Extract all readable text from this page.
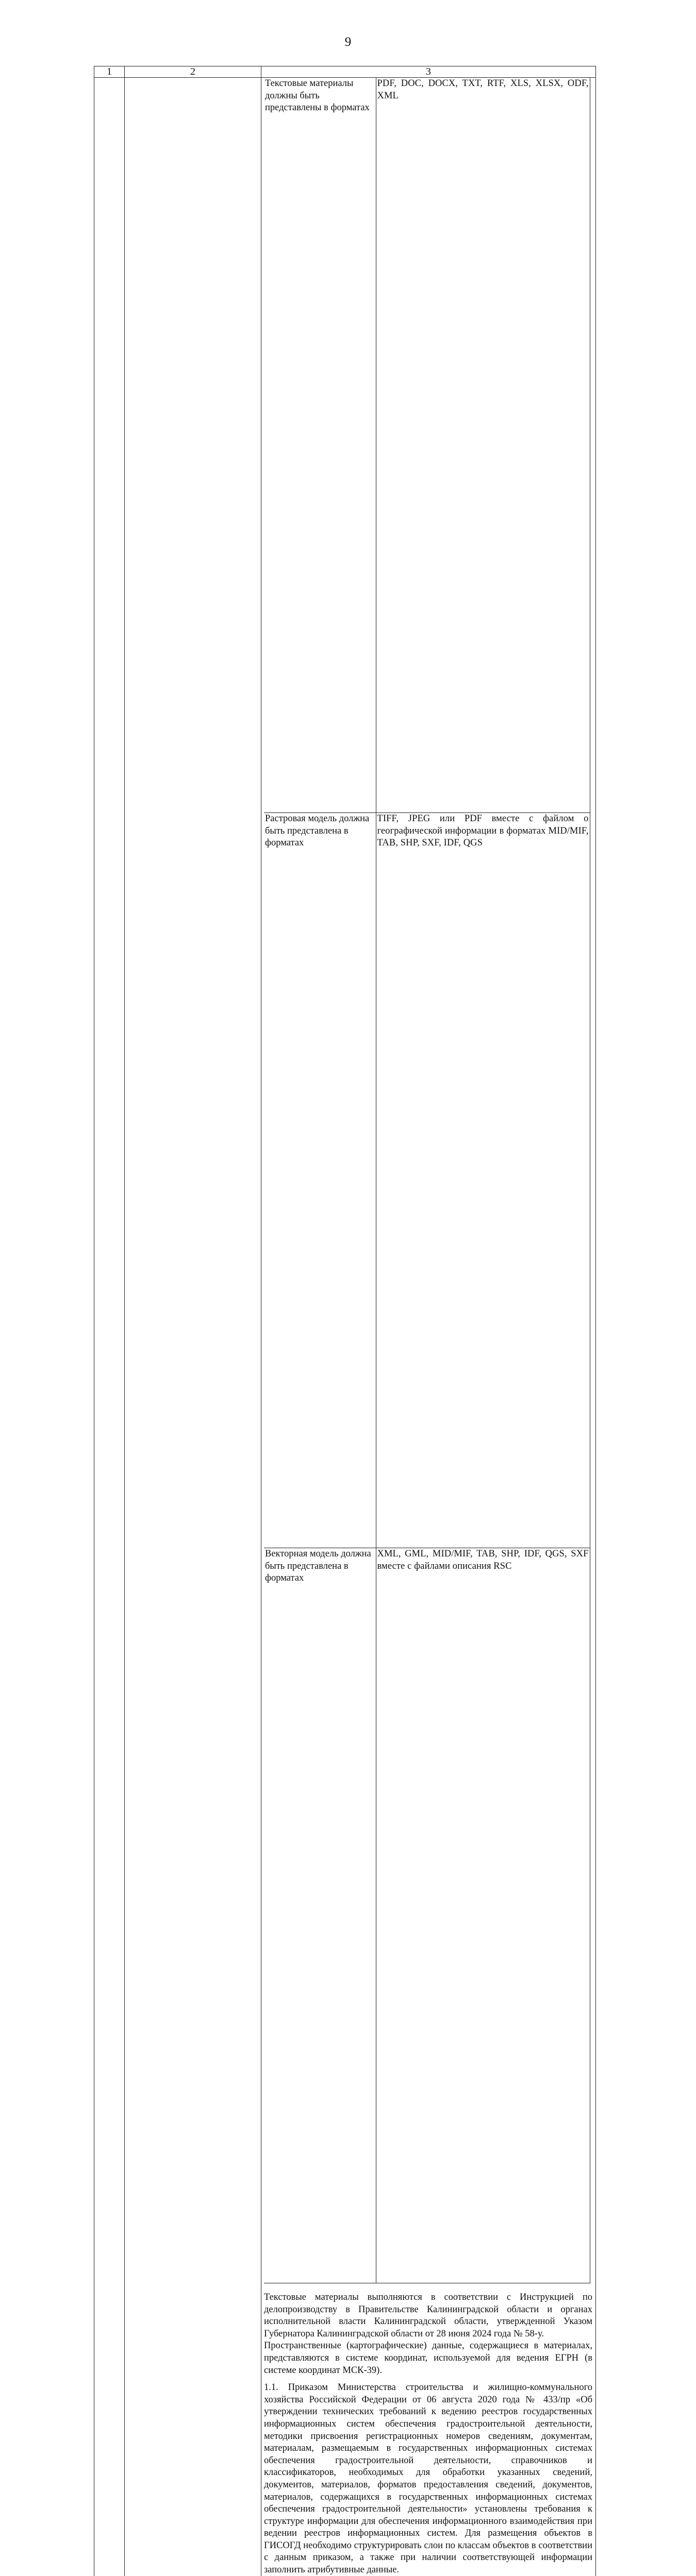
9
1	2	3

Текстовые материалы должны быть представлены в форматах	PDF, DOC, DOCX, TXT, RTF, XLS, XLSX, ODF, XML
Растровая модель должна быть представлена в форматах	TIFF, JPEG или PDF вместе с файлом о географической информации в форматах MID/MIF, TAB, SHP, SXF, IDF, QGS
Векторная модель должна быть представлена в форматах	XML, GML, MID/MIF, TAB, SHP, IDF, QGS, SXF вместе с файлами описания RSC

Текстовые материалы выполняются в соответствии с Инструкцией по делопроизводству в Правительстве Калининградской области и органах исполнительной власти Калининградской области, утвержденной Указом Губернатора Калининградской области от 28 июня 2024 года № 58-у.

Пространственные (картографические) данные, содержащиеся в материалах, представляются в системе координат, используемой для ведения ЕГРН (в системе координат МСК-39).

1.1. Приказом Министерства строительства и жилищно-коммунального хозяйства Российской Федерации от 06 августа 2020 года № 433/пр «Об утверждении технических требований к ведению реестров государственных информационных систем обеспечения градостроительной деятельности, методики присвоения регистрационных номеров сведениям, документам, материалам, размещаемым в государственных информационных системах обеспечения градостроительной деятельности, справочников и классификаторов, необходимых для обработки указанных сведений, документов, материалов, форматов предоставления сведений, документов, материалов, содержащихся в государственных информационных системах обеспечения градостроительной деятельности» установлены требования к структуре информации для обеспечения информационного взаимодействия при ведении реестров информационных систем. Для размещения объектов в ГИСОГД необходимо структурировать слои по классам объектов в соответствии с данным приказом, а также при наличии соответствующей информации заполнить атрибутивные данные.
